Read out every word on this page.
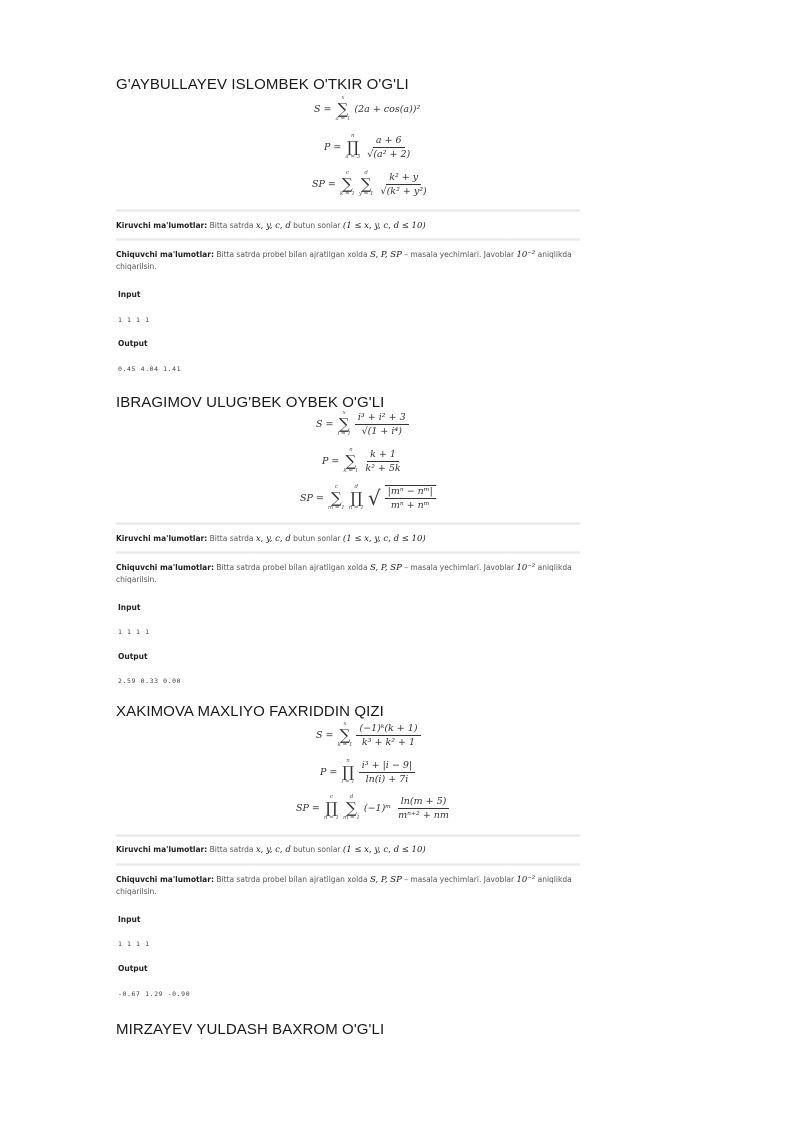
G'AYBULLAYEV ISLOMBEK O'TKIR O'G'LI
S =
x
∑
a = 1
(2a + cos(a))²
P =
n
∏
$a = 3 \frac{a + 6}{\text{√(a² + 2)}}$
SP =
c
∑
k = 1
d
∑
$y = 1 \frac{\text{k² + y}}{\text{√(k² + y²)}}$
Kiruvchi ma'lumotlar: Bitta satrda x, y, c, d butun sonlar (1 ≤ x, y, c, d ≤ 10)
Chiquvchi ma'lumotlar: Bitta satrda probel bilan ajratilgan xolda S, P, SP – masala yechimlari. Javoblar 10⁻² aniqlikda chiqarilsin.
Input
1 1 1 1
Output
0.45 4.04 1.41
IBRAGIMOV ULUG'BEK OYBEK O'G'LI
S =
x
∑
$i = 1 \frac{\text{i³ + i² + 3}}{\text{√(1 + i⁴)}}$
P =
n
∑
$k = 1 \frac{k + 1}{\text{k² + 5k}}$
SP =
c
∑
m = 1
d
∏
n = 1 √ $\frac{\text{|mⁿ − nᵐ|}}{\text{mⁿ + nᵐ}}$
Kiruvchi ma'lumotlar: Bitta satrda x, y, c, d butun sonlar (1 ≤ x, y, c, d ≤ 10)
Chiquvchi ma'lumotlar: Bitta satrda probel bilan ajratilgan xolda S, P, SP – masala yechimlari. Javoblar 10⁻² aniqlikda chiqarilsin.
Input
1 1 1 1
Output
2.59 0.33 0.00
XAKIMOVA MAXLIYO FAXRIDDIN QIZI
S =
x
∑
$k = 1 \frac{\text{(−1)ᵏ(k + 1)}}{\text{k³ + k² + 1}}$
P =
n
∏
$i = 1 \frac{\text{i³ + |i − 9|}}{\ln(i) + 7i}$
SP =
c
∏
n = 1
d
∑
m = 1
(−1)ᵐ $\frac{\ln(m + 5)}{\text{mⁿ⁺² + nm}}$
Kiruvchi ma'lumotlar: Bitta satrda x, y, c, d butun sonlar (1 ≤ x, y, c, d ≤ 10)
Chiquvchi ma'lumotlar: Bitta satrda probel bilan ajratilgan xolda S, P, SP – masala yechimlari. Javoblar 10⁻² aniqlikda chiqarilsin.
Input
1 1 1 1
Output
-0.67 1.29 -0.90
MIRZAYEV YULDASH BAXROM O'G'LI
